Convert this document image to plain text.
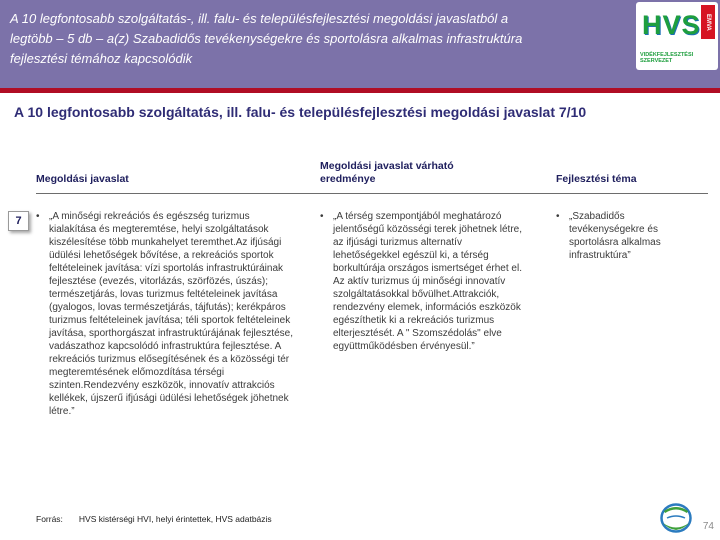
A 10 legfontosabb szolgáltatás-, ill. falu- és településfejlesztési megoldási javaslatból a legtöbb – 5 db – a(z) Szabadidős tevékenységekre és sportolásra alkalmas infrastruktúra fejlesztési témához kapcsolódik
HVS EMVA
VIDÉKFEJLESZTÉSI SZERVEZET
A 10 legfontosabb szolgáltatás, ill. falu- és településfejlesztési megoldási javaslat 7/10
Megoldási javaslat
Megoldási javaslat várható eredménye	Fejlesztési téma
7	• „A minőségi rekreációs és egészség turizmus kialakítása és megteremtése, helyi szolgáltatások kiszélesítése több munkahelyet teremthet.Az ifjúsági üdülési lehetőségek bővítése, a rekreációs sportok feltételeinek javítása: vízi sportolás infrastruktúráinak fejlesztése (evezés, vitorlázás, szörfözés, úszás); természetjárás, lovas turizmus feltételeinek javítása (gyalogos, lovas természetjárás, tájfutás); kerékpáros turizmus feltételeinek javítása; téli sportok feltételeinek javítása, sporthorgászat infrastruktúrájának fejlesztése, vadászathoz kapcsolódó infrastruktúra fejlesztése. A rekreációs turizmus elősegítésének és a közösségi tér megteremtésének előmozdítása térségi szinten.Rendezvény eszközök, innovatív attrakciós kellékek, újszerű ifjúsági üdülési lehetőségek jöhetnek létre.”
• „A térség szempontjából meghatározó jelentőségű közösségi terek jöhetnek létre, az ifjúsági turizmus alternatív lehetőségekkel egészül ki, a térség borkultúrája országos ismertséget érhet el. Az aktív turizmus új minőségi innovatív szolgáltatásokkal bővülhet.Attrakciók, rendezvény elemek, információs eszközök egészíthetik ki a rekreációs turizmus elterjesztését. A " Szomszédolás" elve együttműködésben érvényesül.”
• „Szabadidős tevékenységekre és sportolásra alkalmas infrastruktúra”
Forrás: HVS kistérségi HVI, helyi érintettek, HVS adatbázis
74
